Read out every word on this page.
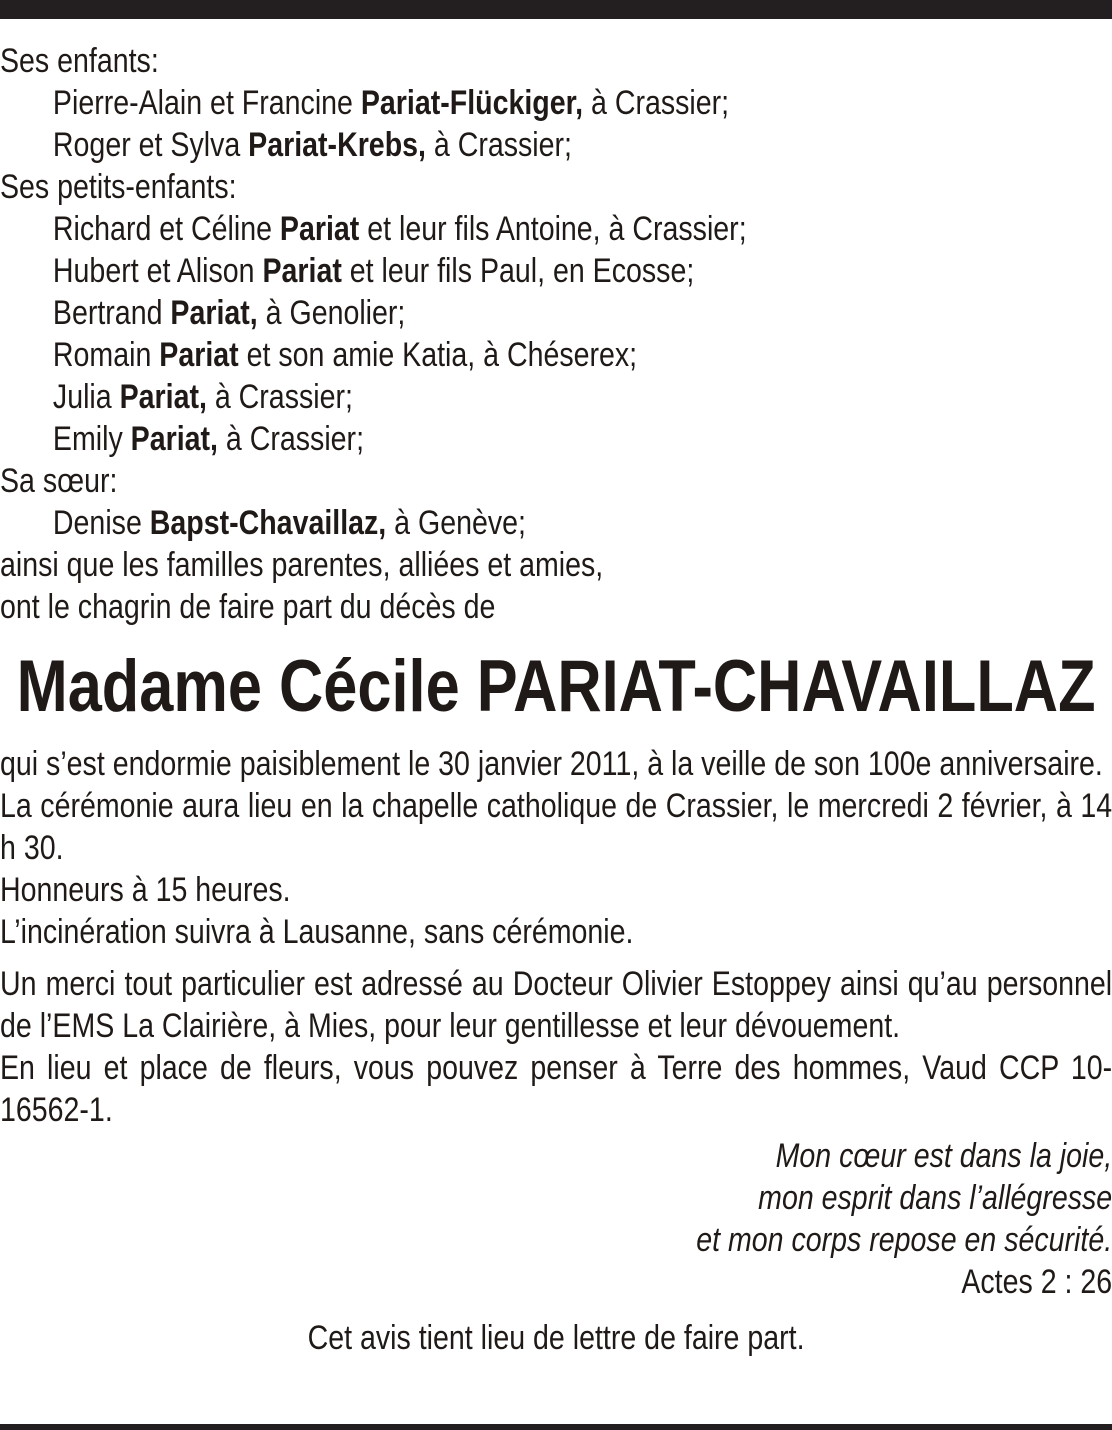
Ses enfants:
Pierre-Alain et Francine Pariat-Flückiger, à Crassier;
Roger et Sylva Pariat-Krebs, à Crassier;
Ses petits-enfants:
Richard et Céline Pariat et leur fils Antoine, à Crassier;
Hubert et Alison Pariat et leur fils Paul, en Ecosse;
Bertrand Pariat, à Genolier;
Romain Pariat et son amie Katia, à Chéserex;
Julia Pariat, à Crassier;
Emily Pariat, à Crassier;
Sa sœur:
Denise Bapst-Chavaillaz, à Genève;
ainsi que les familles parentes, alliées et amies,
ont le chagrin de faire part du décès de
Madame Cécile PARIAT-CHAVAILLAZ
qui s’est endormie paisiblement le 30 janvier 2011, à la veille de son 100e anniversaire.
La cérémonie aura lieu en la chapelle catholique de Crassier, le mercredi 2 février, à 14 h 30.
Honneurs à 15 heures.
L’incinération suivra à Lausanne, sans cérémonie.
Un merci tout particulier est adressé au Docteur Olivier Estoppey ainsi qu’au personnel de l’EMS La Clairière, à Mies, pour leur gentillesse et leur dévouement.
En lieu et place de fleurs, vous pouvez penser à Terre des hommes, Vaud CCP 10-16562-1.
Mon cœur est dans la joie,
mon esprit dans l’allégresse
et mon corps repose en sécurité.
Actes 2 : 26
Cet avis tient lieu de lettre de faire part.
